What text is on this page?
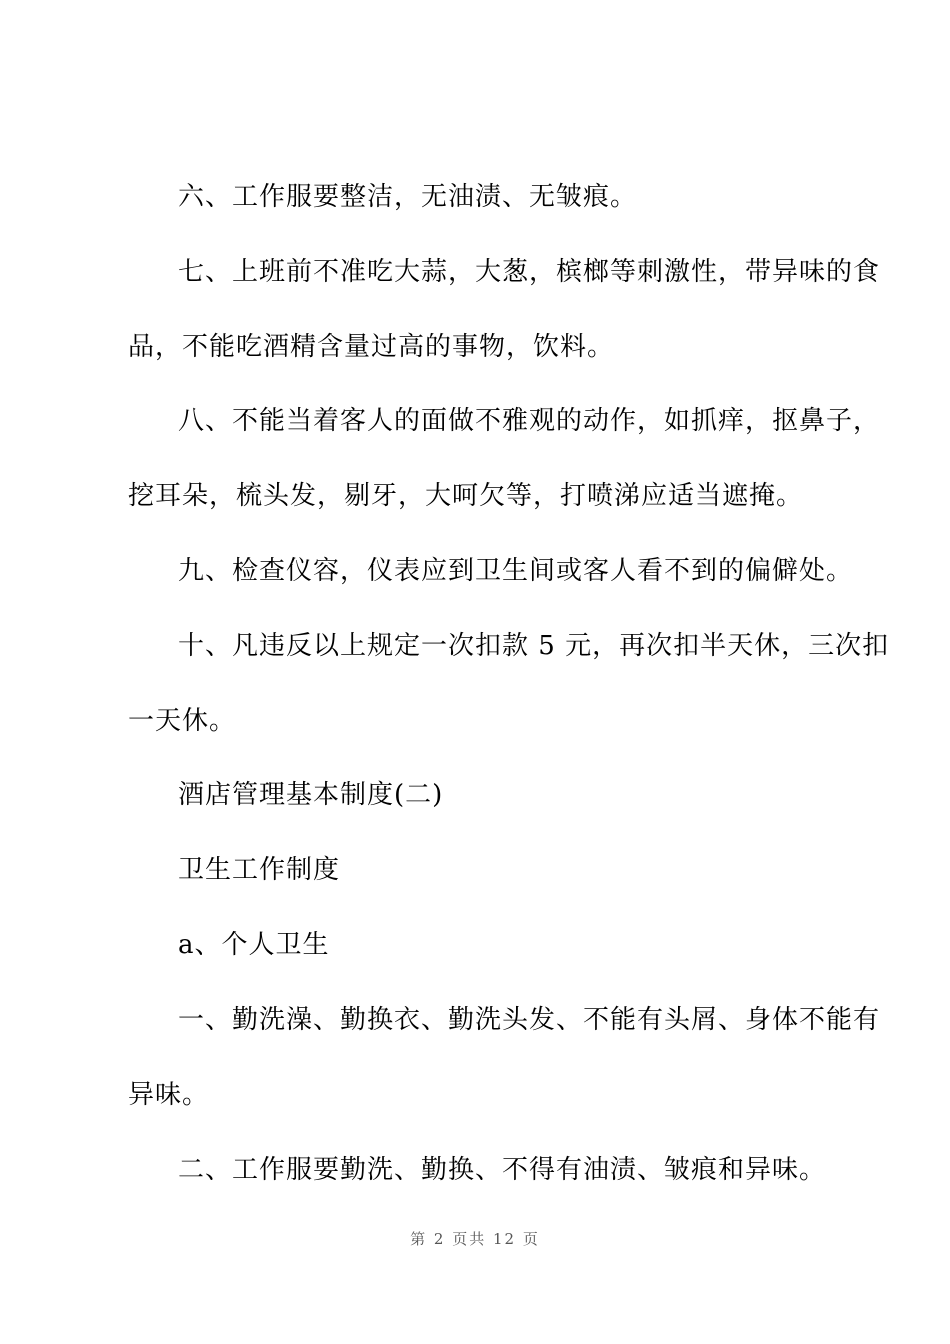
六、工作服要整洁，无油渍、无皱痕。
七、上班前不准吃大蒜，大葱，槟榔等刺激性，带异味的食
品，不能吃酒精含量过高的事物，饮料。
八、不能当着客人的面做不雅观的动作，如抓痒，抠鼻子，
挖耳朵，梳头发，剔牙，大呵欠等，打喷涕应适当遮掩。
九、检查仪容，仪表应到卫生间或客人看不到的偏僻处。
十、凡违反以上规定一次扣款 5 元，再次扣半天休，三次扣
一天休。
酒店管理基本制度(二)
卫生工作制度
a、个人卫生
一、勤洗澡、勤换衣、勤洗头发、不能有头屑、身体不能有
异味。
二、工作服要勤洗、勤换、不得有油渍、皱痕和异味。
第 2 页共 12 页
